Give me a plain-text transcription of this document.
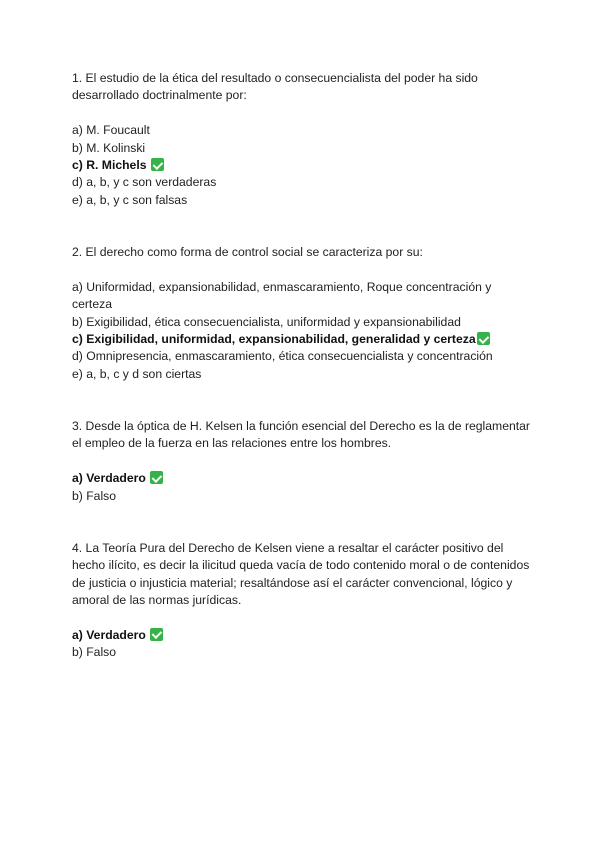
1. El estudio de la ética del resultado o consecuencialista del poder ha sido desarrollado doctrinalmente por:

a) M. Foucault
b) M. Kolinski
c) R. Michels
d) a, b, y c son verdaderas
e) a, b, y c son falsas

2. El derecho como forma de control social se caracteriza por su:

a) Uniformidad, expansionabilidad, enmascaramiento, Roque concentración y certeza
b) Exigibilidad, ética consecuencialista, uniformidad y expansionabilidad
c) Exigibilidad, uniformidad, expansionabilidad, generalidad y certeza
d) Omnipresencia, enmascaramiento, ética consecuencialista y concentración
e) a, b, c y d son ciertas

3. Desde la óptica de H. Kelsen la función esencial del Derecho es la de reglamentar el empleo de la fuerza en las relaciones entre los hombres.

a) Verdadero
b) Falso

4. La Teoría Pura del Derecho de Kelsen viene a resaltar el carácter positivo del hecho ilícito, es decir la ilicitud queda vacía de todo contenido moral o de contenidos de justicia o injusticia material; resaltándose así el carácter convencional, lógico y amoral de las normas jurídicas.

a) Verdadero
b) Falso
